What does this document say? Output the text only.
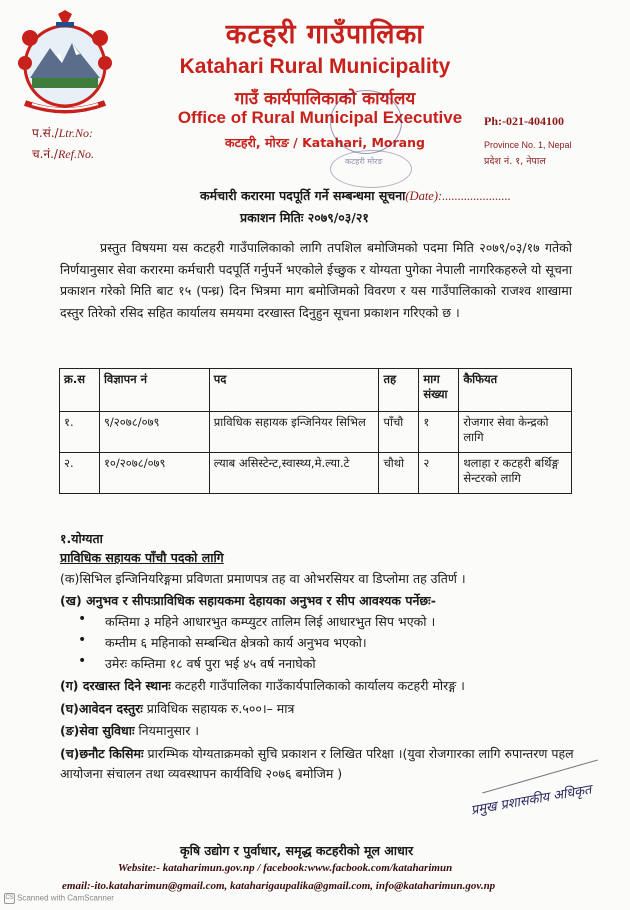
कटहरी गाउँपालिका
Katahari Rural Municipality
गाउँ कार्यपालिकाको कार्यालय
Office of Rural Municipal Executive
कटहरी, मोरङ / Katahari, Morang
प.सं./Ltr.No:
च.नं./Ref.No.
Ph:-021-404100
Province No. 1, Nepal
प्रदेश नं. १, नेपाल
कटहरी मोरङ
कर्मचारी करारमा पदपूर्ति गर्ने सम्बन्धमा सूचना(Date):......................
प्रकाशन मितिः २०७९/०३/२१
प्रस्तुत विषयमा यस कटहरी गाउँपालिकाको लागि तपशिल बमोजिमको पदमा मिति २०७९/०३/१७ गतेको निर्णयानुसार सेवा करारमा कर्मचारी पदपूर्ति गर्नुपर्ने भएकोले ईच्छुक र योग्यता पुगेका नेपाली नागरिकहरुले यो सूचना प्रकाशन गरेको मिति बाट १५ (पन्ध्र) दिन भित्रमा माग बमोजिमको विवरण र यस गाउँपालिकाको राजश्व शाखामा दस्तुर तिरेको रसिद सहित कार्यालय समयमा दरखास्त दिनुहुन सूचना प्रकाशन गरिएको छ ।
क्र.स	विज्ञापन नं	पद	तह	माग संख्या	कैफियत
१.	९/२०७८/०७९	प्राविधिक सहायक इन्जिनियर सिभिल	पाँचौ	१	रोजगार सेवा केन्द्रको लागि
२.	१०/२०७८/०७९	ल्याब असिस्टेन्ट,स्वास्थ्य,मे.ल्या.टे	चौथो	२	थलाहा र कटहरी बर्थिङ्ग सेन्टरको लागि
१.योग्यता
प्राविधिक सहायक पाँचौ पदको लागि
(क)सिभिल इन्जिनियरिङ्गमा प्रविणता प्रमाणपत्र तह वा ओभरसियर वा डिप्लोमा तह उतिर्ण ।
(ख) अनुभव र सीपःप्राविधिक सहायकमा देहायका अनुभव र सीप आवश्यक पर्नेछः-
• कम्तिमा ३ महिने आधारभुत कम्प्युटर तालिम लिई आधारभुत सिप भएको ।
• कम्तीम ६ महिनाको सम्बन्धित क्षेत्रको कार्य अनुभव भएको।
• उमेरः कम्तिमा १८ वर्ष पुरा भई ४५ वर्ष ननाघेको
(ग) दरखास्त दिने स्थानः कटहरी गाउँपालिका गाउँकार्यपालिकाको कार्यालय कटहरी मोरङ्ग ।
(घ)आवेदन दस्तुरः प्राविधिक सहायक रु.५००।– मात्र
(ङ)सेवा सुविधाः नियमानुसार ।
(च)छनौट किसिमः प्रारम्भिक योग्यताक्रमको सुचि प्रकाशन र लिखित परिक्षा ।(युवा रोजगारका लागि रुपान्तरण पहल आयोजना संचालन तथा व्यवस्थापन कार्यविधि २०७६ बमोजिम )
प्रमुख प्रशासकीय अधिकृत
कृषि उद्योग र पुर्वाधार, समृद्ध कटहरीको मूल आधार
Website:- kataharimun.gov.np / facebook:www.facbook.com/kataharimun
email:-ito.kataharimun@gmail.com, kataharigaupalika@gmail.com, info@kataharimun.gov.np
CS Scanned with CamScanner
